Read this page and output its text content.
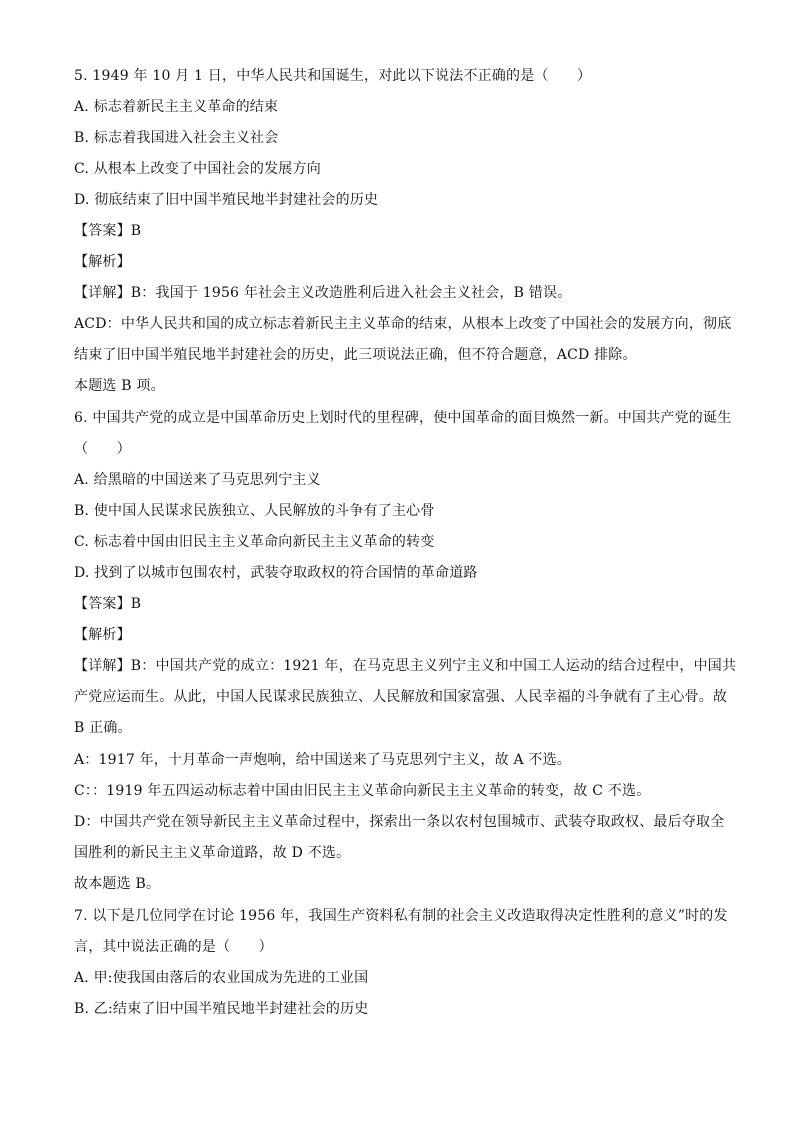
5. 1949 年 10 月 1 日，中华人民共和国诞生，对此以下说法不正确的是（　　）
A. 标志着新民主主义革命的结束
B. 标志着我国进入社会主义社会
C. 从根本上改变了中国社会的发展方向
D. 彻底结束了旧中国半殖民地半封建社会的历史
【答案】B
【解析】
【详解】B：我国于 1956 年社会主义改造胜利后进入社会主义社会，B 错误。
ACD：中华人民共和国的成立标志着新民主主义革命的结束，从根本上改变了中国社会的发展方向，彻底
结束了旧中国半殖民地半封建社会的历史，此三项说法正确，但不符合题意，ACD 排除。
本题选 B 项。
6. 中国共产党的成立是中国革命历史上划时代的里程碑，使中国革命的面目焕然一新。中国共产党的诞生
（　　）
A. 给黑暗的中国送来了马克思列宁主义
B. 使中国人民谋求民族独立、人民解放的斗争有了主心骨
C. 标志着中国由旧民主主义革命向新民主主义革命的转变
D. 找到了以城市包围农村，武装夺取政权的符合国情的革命道路
【答案】B
【解析】
【详解】B：中国共产党的成立：1921 年，在马克思主义列宁主义和中国工人运动的结合过程中，中国共
产党应运而生。从此，中国人民谋求民族独立、人民解放和国家富强、人民幸福的斗争就有了主心骨。故
B 正确。
A：1917 年，十月革命一声炮响，给中国送来了马克思列宁主义，故 A 不选。
C：：1919 年五四运动标志着中国由旧民主主义革命向新民主主义革命的转变，故 C 不选。
D：中国共产党在领导新民主主义革命过程中，探索出一条以农村包围城市、武装夺取政权、最后夺取全
国胜利的新民主主义革命道路，故 D 不选。
故本题选 B。
7. 以下是几位同学在讨论 1956 年，我国生产资料私有制的社会主义改造取得决定性胜利的意义”时的发
言，其中说法正确的是（　　）
A. 甲:使我国由落后的农业国成为先进的工业国
B. 乙:结束了旧中国半殖民地半封建社会的历史
